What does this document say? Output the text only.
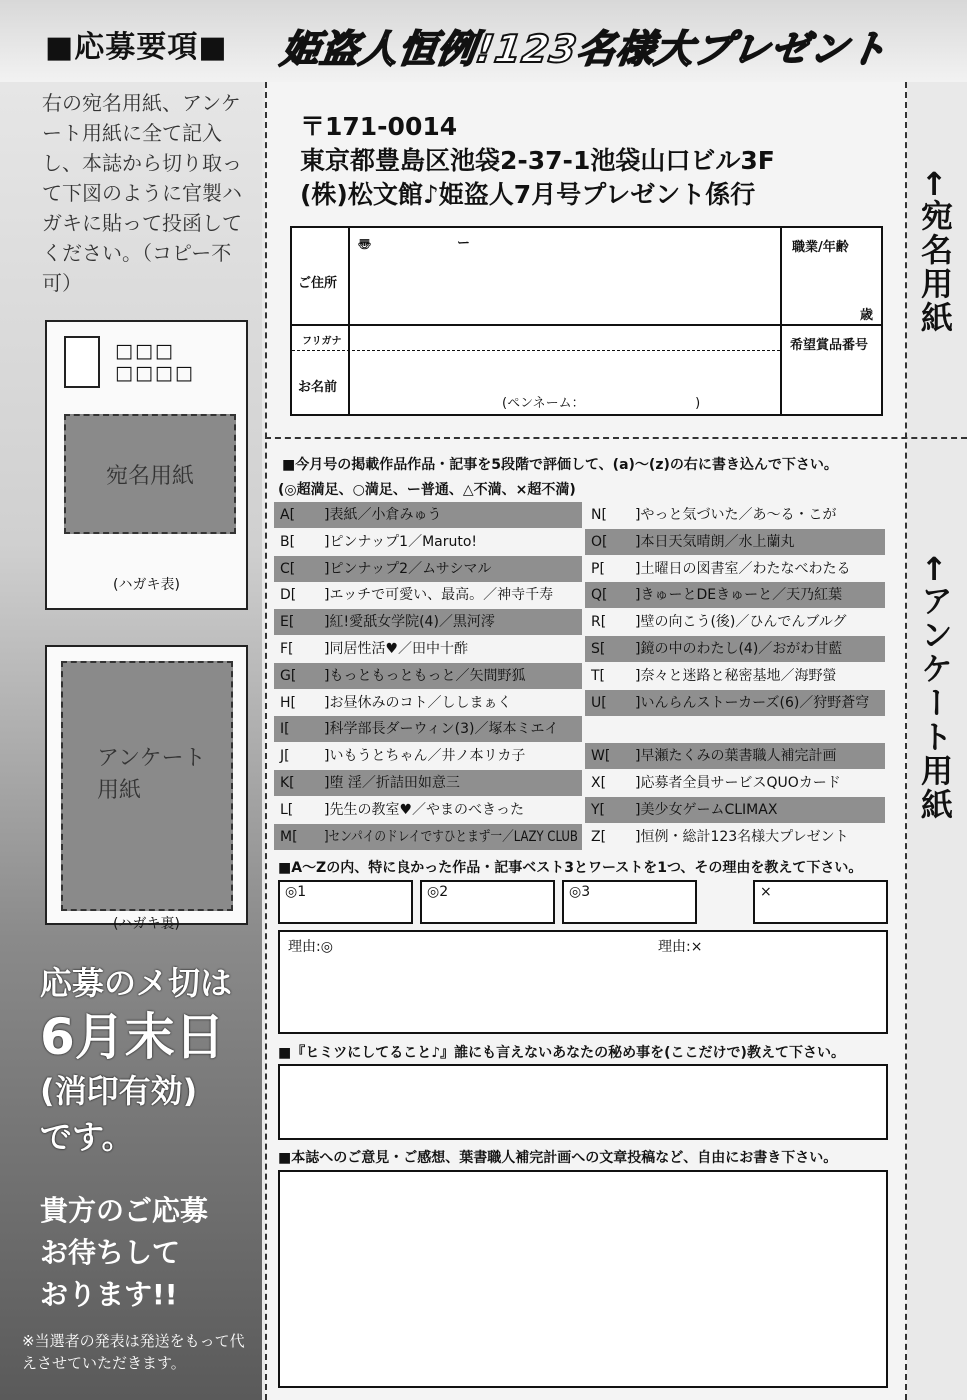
■応募要項■ 姫盗人恒例!123名様大プレゼント
右の宛名用紙、アンケート用紙に全て記入し、本誌から切り取って下図のように官製ハガキに貼って投函してください。（コピー不可）
□□□ □□□□
宛名用紙
(ハガキ表)
アンケート
用紙
(ハガキ裏)
応募のメ切は
6月末日
(消印有効)
です。
貴方のご応募
お待ちして
おります!!
※当選者の発表は発送をもって代えさせていただきます。
〒171-0014
東京都豊島区池袋2-37-1池袋山口ビル3F
(株)松文館♪姫盗人7月号プレゼント係行
〠	ー
ご住所
職業/年齢
歳
フリガナ	希望賞品番号
お名前
(ペンネーム：　　　　　　　　　)
←宛名用紙
←アンケート用紙
■今月号の掲載作品作品・記事を5段階で評価して、(a)〜(z)の右に書き込んで下さい。
(◎超満足、○満足、ー普通、△不満、×超不満)
A[	]表紙／小倉みゅう
B[	]ピンナップ1／Maruto!
C[	]ピンナップ2／ムサシマル
D[	]エッチで可愛い、最高。／神寺千寿
E[	]紅!愛舐女学院(4)／黒河澪
F[	]同居性活♥／田中十酢
G[	]もっともっともっと／矢間野狐
H[	]お昼休みのコト／ししまぁく
I[	]科学部長ダーウィン(3)／塚本ミエイ
J[	]いもうとちゃん／井ノ本リカ子
K[	]堕 淫／折詰田如意三
L[	]先生の教室♥／やまのべきった
M[	]センパイのドレイですひとまず一／LAZY CLUB
N[	]やっと気づいた／あ〜る・こが
O[	]本日天気晴朗／水上蘭丸
P[	]土曜日の図書室／わたなべわたる
Q[	]きゅーとDEきゅーと／天乃紅葉
R[	]壁の向こう(後)／ひんでんブルグ
S[	]鏡の中のわたし(4)／おがわ甘藍
T[	]奈々と迷路と秘密基地／海野螢
U[	]いんらんストーカーズ(6)／狩野蒼穹
W[	]早瀬たくみの葉書職人補完計画
X[	]応募者全員サービスQUOカード
Y[	]美少女ゲームCLIMAX
Z[	]恒例・総計123名様大プレゼント
■A〜Zの内、特に良かった作品・記事ベスト3とワーストを1つ、その理由を教えて下さい。
◎1	◎2	◎3	×
理由:◎	理由:×
■『ヒミツにしてること♪』誰にも言えないあなたの秘め事を(ここだけで)教えて下さい。
■本誌へのご意見・ご感想、葉書職人補完計画への文章投稿など、自由にお書き下さい。
